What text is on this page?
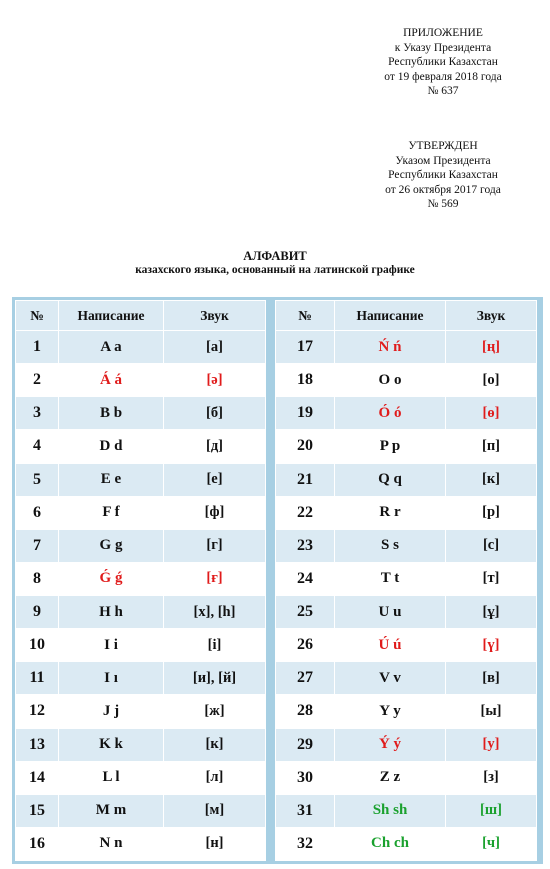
ПРИЛОЖЕНИЕ
к Указу Президента
Республики Казахстан
от 19 февраля 2018 года
№ 637
УТВЕРЖДЕН
Указом Президента
Республики Казахстан
от 26 октября 2017 года
№ 569
АЛФАВИТ
казахского языка, основанный на латинской графике
№	Написание	Звук
1	A a	[а]
2	Á á	[ә]
3	B b	[б]
4	D d	[д]
5	E e	[е]
6	F f	[ф]
7	G g	[г]
8	Ǵ ǵ	[ғ]
9	H h	[х], [h]
10	I i	[і]
11	I ı	[и], [й]
12	J j	[ж]
13	K k	[к]
14	L l	[л]
15	M m	[м]
16	N n	[н]
№	Написание	Звук
17	Ń ń	[ң]
18	O o	[о]
19	Ó ó	[ө]
20	P p	[п]
21	Q q	[к]
22	R r	[р]
23	S s	[с]
24	T t	[т]
25	U u	[ұ]
26	Ú ú	[ү]
27	V v	[в]
28	Y y	[ы]
29	Ý ý	[у]
30	Z z	[з]
31	Sh sh	[ш]
32	Ch ch	[ч]
